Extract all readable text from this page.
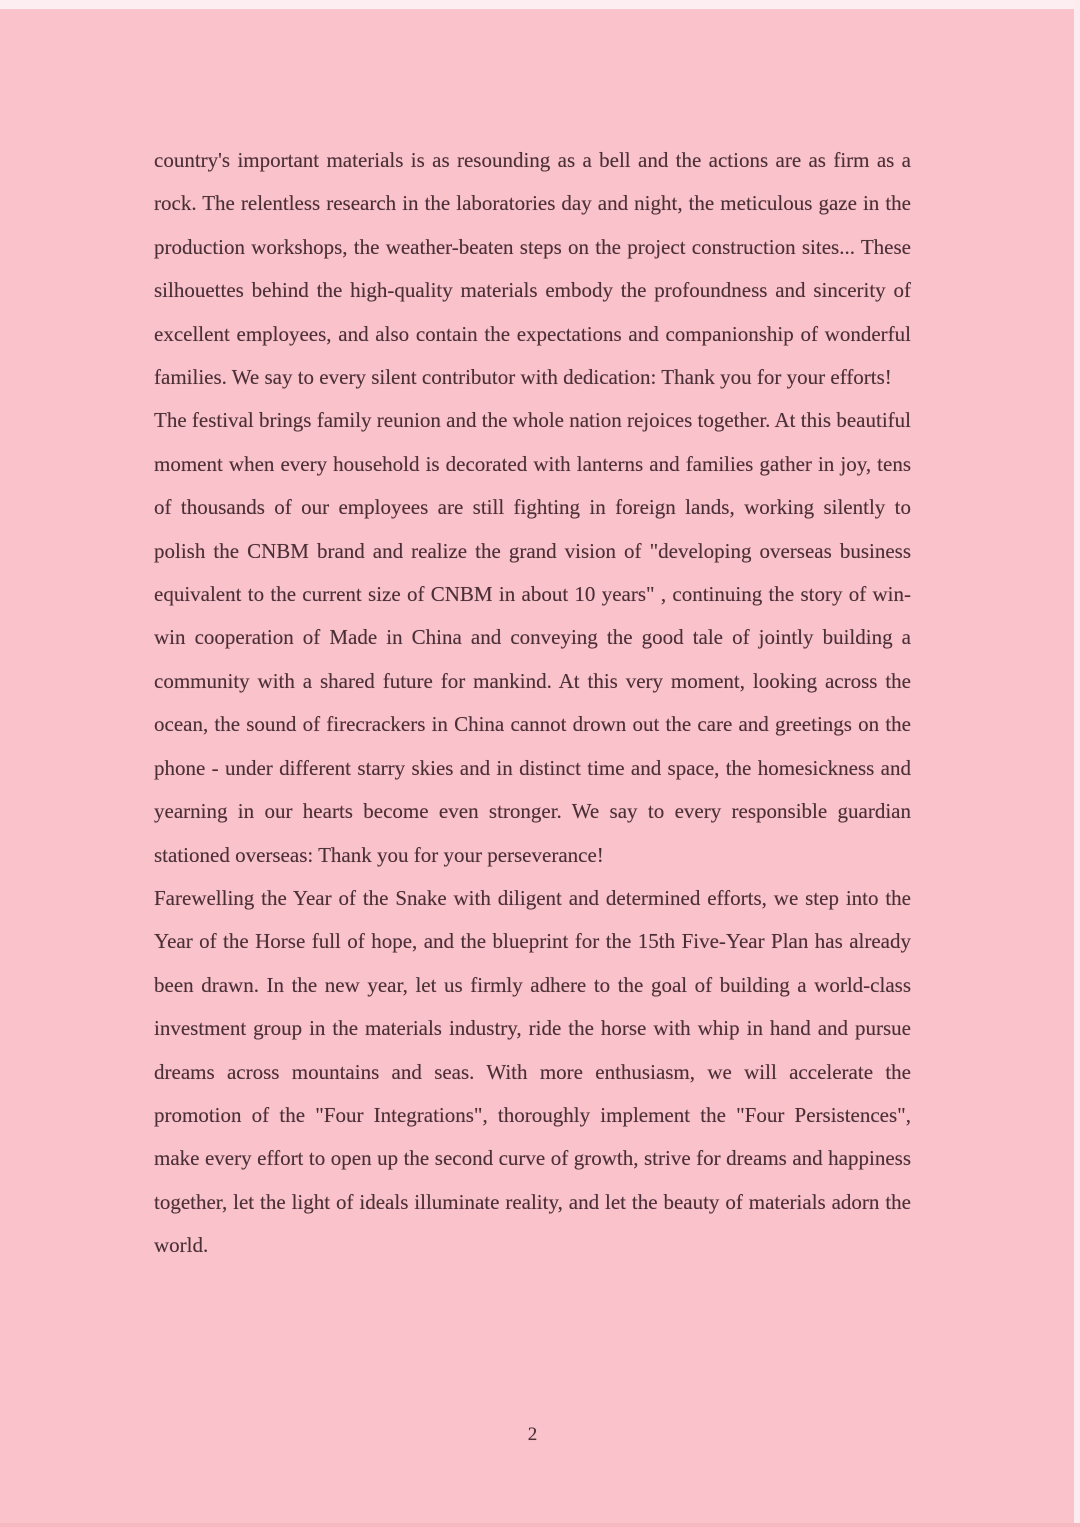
country's important materials is as resounding as a bell and the actions are as firm as a rock. The relentless research in the laboratories day and night, the meticulous gaze in the production workshops, the weather-beaten steps on the project construction sites... These silhouettes behind the high-quality materials embody the profoundness and sincerity of excellent employees, and also contain the expectations and companionship of wonderful families. We say to every silent contributor with dedication: Thank you for your efforts!

The festival brings family reunion and the whole nation rejoices together. At this beautiful moment when every household is decorated with lanterns and families gather in joy, tens of thousands of our employees are still fighting in foreign lands, working silently to polish the CNBM brand and realize the grand vision of "developing overseas business equivalent to the current size of CNBM in about 10 years" , continuing the story of win-win cooperation of Made in China and conveying the good tale of jointly building a community with a shared future for mankind. At this very moment, looking across the ocean, the sound of firecrackers in China cannot drown out the care and greetings on the phone - under different starry skies and in distinct time and space, the homesickness and yearning in our hearts become even stronger. We say to every responsible guardian stationed overseas: Thank you for your perseverance!

Farewelling the Year of the Snake with diligent and determined efforts, we step into the Year of the Horse full of hope, and the blueprint for the 15th Five-Year Plan has already been drawn. In the new year, let us firmly adhere to the goal of building a world-class investment group in the materials industry, ride the horse with whip in hand and pursue dreams across mountains and seas. With more enthusiasm, we will accelerate the promotion of the "Four Integrations", thoroughly implement the "Four Persistences", make every effort to open up the second curve of growth, strive for dreams and happiness together, let the light of ideals illuminate reality, and let the beauty of materials adorn the world.

2
